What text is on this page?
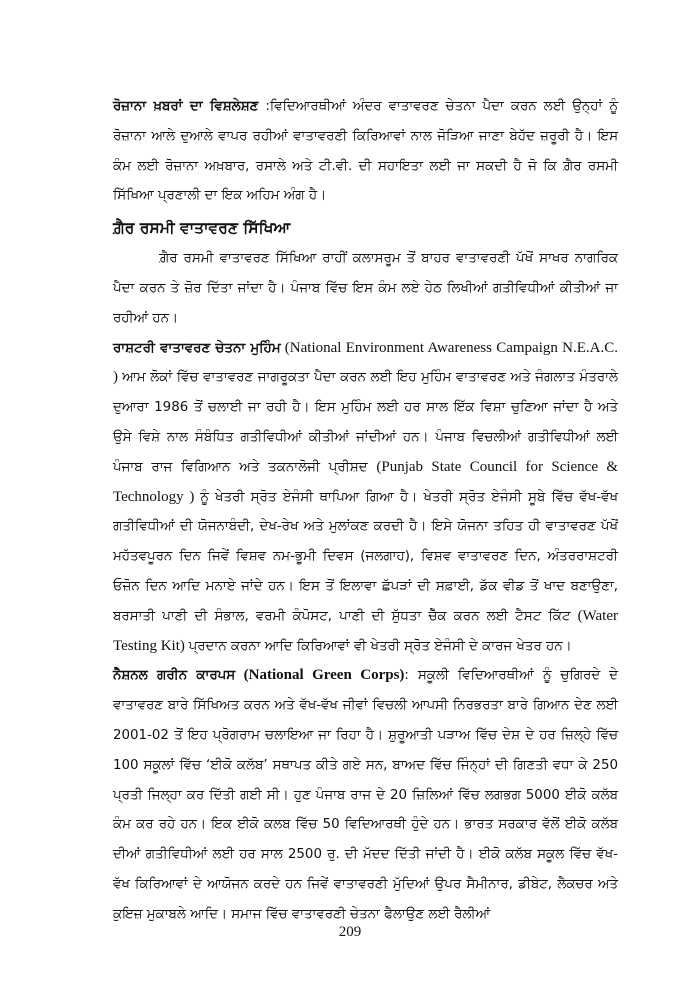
ਰੋਜ਼ਾਨਾ ਖ਼ਬਰਾਂ ਦਾ ਵਿਸ਼ਲੇਸ਼ਣ :ਵਿਦਿਆਰਥੀਆਂ ਅੰਦਰ ਵਾਤਾਵਰਣ ਚੇਤਨਾ ਪੈਦਾ ਕਰਨ ਲਈ ਉਨ੍ਹਾਂ ਨੂੰ ਰੋਜ਼ਾਨਾ ਆਲੇ ਦੁਆਲੇ ਵਾਪਰ ਰਹੀਆਂ ਵਾਤਾਵਰਣੀ ਕਿਰਿਆਵਾਂ ਨਾਲ ਜੋੜਿਆ ਜਾਣਾ ਬੇਹੱਦ ਜ਼ਰੂਰੀ ਹੈ। ਇਸ ਕੰਮ ਲਈ ਰੋਜ਼ਾਨਾ ਅਖ਼ਬਾਰ, ਰਸਾਲੇ ਅਤੇ ਟੀ.ਵੀ. ਦੀ ਸਹਾਇਤਾ ਲਈ ਜਾ ਸਕਦੀ ਹੈ ਜੋ ਕਿ ਗ਼ੈਰ ਰਸਮੀ ਸਿੱਖਿਆ ਪ੍ਰਣਾਲੀ ਦਾ ਇਕ ਅਹਿਮ ਅੰਗ ਹੈ।

ਗ਼ੈਰ ਰਸਮੀ ਵਾਤਾਵਰਣ ਸਿੱਖਿਆ

ਗ਼ੈਰ ਰਸਮੀ ਵਾਤਾਵਰਣ ਸਿੱਖਿਆ ਰਾਹੀਂ ਕਲਾਸਰੂਮ ਤੋਂ ਬਾਹਰ ਵਾਤਾਵਰਣੀ ਪੱਖੋਂ ਸਾਖਰ ਨਾਗਰਿਕ ਪੈਦਾ ਕਰਨ ਤੇ ਜ਼ੋਰ ਦਿੱਤਾ ਜਾਂਦਾ ਹੈ। ਪੰਜਾਬ ਵਿੱਚ ਇਸ ਕੰਮ ਲਏ ਹੇਠ ਲਿਖੀਆਂ ਗਤੀਵਿਧੀਆਂ ਕੀਤੀਆਂ ਜਾ ਰਹੀਆਂ ਹਨ।

ਰਾਸ਼ਟਰੀ ਵਾਤਾਵਰਣ ਚੇਤਨਾ ਮੁਹਿੰਮ (National Environment Awareness Campaign N.E.A.C. ) ਆਮ ਲੋਕਾਂ ਵਿੱਚ ਵਾਤਾਵਰਣ ਜਾਗਰੂਕਤਾ ਪੈਦਾ ਕਰਨ ਲਈ ਇਹ ਮੁਹਿੰਮ ਵਾਤਾਵਰਣ ਅਤੇ ਜੰਗਲਾਤ ਮੰਤਰਾਲੇ ਦੁਆਰਾ 1986 ਤੋਂ ਚਲਾਈ ਜਾ ਰਹੀ ਹੈ। ਇਸ ਮੁਹਿੰਮ ਲਈ ਹਰ ਸਾਲ ਇੱਕ ਵਿਸ਼ਾ ਚੁਣਿਆ ਜਾਂਦਾ ਹੈ ਅਤੇ ਉਸੇ ਵਿਸ਼ੇ ਨਾਲ ਸੰਬੰਧਿਤ ਗਤੀਵਿਧੀਆਂ ਕੀਤੀਆਂ ਜਾਂਦੀਆਂ ਹਨ। ਪੰਜਾਬ ਵਿਚਲੀਆਂ ਗਤੀਵਿਧੀਆਂ ਲਈ ਪੰਜਾਬ ਰਾਜ ਵਿਗਿਆਨ ਅਤੇ ਤਕਨਾਲੋਜੀ ਪ੍ਰੀਸ਼ਦ (Punjab State Council for Science & Technology ) ਨੂੰ ਖੇਤਰੀ ਸ੍ਰੋਤ ਏਜੰਸੀ ਥਾਪਿਆ ਗਿਆ ਹੈ। ਖੇਤਰੀ ਸ੍ਰੋਤ ਏਜੰਸੀ ਸੂਬੇ ਵਿੱਚ ਵੱਖ-ਵੱਖ ਗਤੀਵਿਧੀਆਂ ਦੀ ਯੋਜਨਾਬੰਦੀ, ਦੇਖ-ਰੇਖ ਅਤੇ ਮੁਲਾਂਕਣ ਕਰਦੀ ਹੈ। ਇਸੇ ਯੋਜਨਾ ਤਹਿਤ ਹੀ ਵਾਤਾਵਰਣ ਪੱਖੋਂ ਮਹੱਤਵਪੂਰਨ ਦਿਨ ਜਿਵੇਂ ਵਿਸ਼ਵ ਨਮ-ਭੂਮੀ ਦਿਵਸ (ਜਲਗਾਹ), ਵਿਸ਼ਵ ਵਾਤਾਵਰਣ ਦਿਨ, ਅੰਤਰਰਾਸ਼ਟਰੀ ਓਜ਼ੋਨ ਦਿਨ ਆਦਿ ਮਨਾਏ ਜਾਂਦੇ ਹਨ। ਇਸ ਤੋਂ ਇਲਾਵਾ ਛੱਪੜਾਂ ਦੀ ਸਫ਼ਾਈ, ਡੱਕ ਵੀਡ ਤੋਂ ਖਾਦ ਬਣਾਉਣਾ, ਬਰਸਾਤੀ ਪਾਣੀ ਦੀ ਸੰਭਾਲ, ਵਰਮੀ ਕੰਪੋਸਟ, ਪਾਣੀ ਦੀ ਸ਼ੁੱਧਤਾ ਚੈੱਕ ਕਰਨ ਲਈ ਟੈਸਟ ਕਿੱਟ (Water Testing Kit) ਪ੍ਰਦਾਨ ਕਰਨਾ ਆਦਿ ਕਿਰਿਆਵਾਂ ਵੀ ਖੇਤਰੀ ਸ੍ਰੋਤ ਏਜੰਸੀ ਦੇ ਕਾਰਜ ਖੇਤਰ ਹਨ।

ਨੈਸ਼ਨਲ ਗਰੀਨ ਕਾਰਪਸ (National Green Corps): ਸਕੂਲੀ ਵਿਦਿਆਰਥੀਆਂ ਨੂੰ ਚੁਗਿਰਦੇ ਦੇ ਵਾਤਾਵਰਣ ਬਾਰੇ ਸਿੱਖਿਅਤ ਕਰਨ ਅਤੇ ਵੱਖ-ਵੱਖ ਜੀਵਾਂ ਵਿਚਲੀ ਆਪਸੀ ਨਿਰਭਰਤਾ ਬਾਰੇ ਗਿਆਨ ਦੇਣ ਲਈ 2001-02 ਤੋਂ ਇਹ ਪ੍ਰੋਗਰਾਮ ਚਲਾਇਆ ਜਾ ਰਿਹਾ ਹੈ। ਸ਼ੁਰੂਆਤੀ ਪੜਾਅ ਵਿੱਚ ਦੇਸ਼ ਦੇ ਹਰ ਜ਼ਿਲ੍ਹੇ ਵਿੱਚ 100 ਸਕੂਲਾਂ ਵਿੱਚ ‘ਈਕੋ ਕਲੱਬ’ ਸਥਾਪਤ ਕੀਤੇ ਗਏ ਸਨ, ਬਾਅਦ ਵਿੱਚ ਜਿੰਨ੍ਹਾਂ ਦੀ ਗਿਣਤੀ ਵਧਾ ਕੇ 250 ਪ੍ਰਤੀ ਜਿਲ੍ਹਾ ਕਰ ਦਿੱਤੀ ਗਈ ਸੀ। ਹੁਣ ਪੰਜਾਬ ਰਾਜ ਦੇ 20 ਜ਼ਿਲਿਆਂ ਵਿੱਚ ਲਗਭਗ 5000 ਈਕੋ ਕਲੱਬ ਕੰਮ ਕਰ ਰਹੇ ਹਨ। ਇਕ ਈਕੋ ਕਲਬ ਵਿੱਚ 50 ਵਿਦਿਆਰਥੀ ਹੁੰਦੇ ਹਨ। ਭਾਰਤ ਸਰਕਾਰ ਵੱਲੋਂ ਈਕੋ ਕਲੱਬ ਦੀਆਂ ਗਤੀਵਿਧੀਆਂ ਲਈ ਹਰ ਸਾਲ 2500 ਰੁ. ਦੀ ਮੱਦਦ ਦਿੱਤੀ ਜਾਂਦੀ ਹੈ। ਈਕੋ ਕਲੱਬ ਸਕੂਲ ਵਿੱਚ ਵੱਖ-ਵੱਖ ਕਿਰਿਆਵਾਂ ਦੇ ਆਯੋਜਨ ਕਰਦੇ ਹਨ ਜਿਵੇਂ ਵਾਤਾਵਰਣੀ ਮੁੱਦਿਆਂ ਉਪਰ ਸੈਮੀਨਾਰ, ਡੀਬੇਟ, ਲੈਕਚਰ ਅਤੇ ਕੁਇਜ਼ ਮੁਕਾਬਲੇ ਆਦਿ। ਸਮਾਜ ਵਿੱਚ ਵਾਤਾਵਰਣੀ ਚੇਤਨਾ ਫੈਲਾਉਣ ਲਈ ਰੈਲੀਆਂ

209
